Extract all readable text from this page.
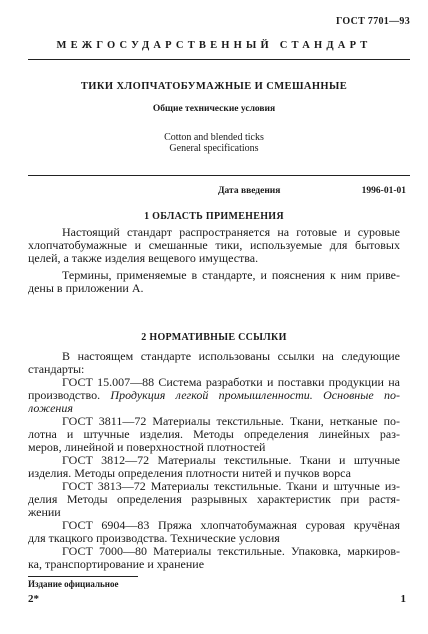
ГОСТ 7701—93
МЕЖГОСУДАРСТВЕННЫЙ СТАНДАРТ
ТИКИ ХЛОПЧАТОБУМАЖНЫЕ И СМЕШАННЫЕ
Общие технические условия
Cotton and blended ticks
General specifications
Дата введения	1996-01-01
1 ОБЛАСТЬ ПРИМЕНЕНИЯ

Настоящий стандарт распространяется на готовые и суровые
хлопчатобумажные и смешанные тики, используемые для бытовых
целей, а также изделия вещевого имущества.

Термины, применяемые в стандарте, и пояснения к ним приве-
дены в приложении А.

2 НОРМАТИВНЫЕ ССЫЛКИ

В настоящем стандарте использованы ссылки на следующие
стандарты:

ГОСТ 15.007—88 Система разработки и поставки продукции на
производство. Продукция легкой промышленности. Основные по-
ложения

ГОСТ 3811—72 Материалы текстильные. Ткани, нетканые по-
лотна и штучные изделия. Методы определения линейных раз-
меров, линейной и поверхностной плотностей

ГОСТ 3812—72 Материалы текстильные. Ткани и штучные
изделия. Методы определения плотности нитей и пучков ворса

ГОСТ 3813—72 Материалы текстильные. Ткани и штучные из-
делия Методы определения разрывных характеристик при растя-
жении

ГОСТ 6904—83 Пряжа хлопчатобумажная суровая кручёная
для ткацкого производства. Технические условия

ГОСТ 7000—80 Материалы текстильные. Упаковка, маркиров-
ка, транспортирование и хранение

Издание официальное
2*	1
